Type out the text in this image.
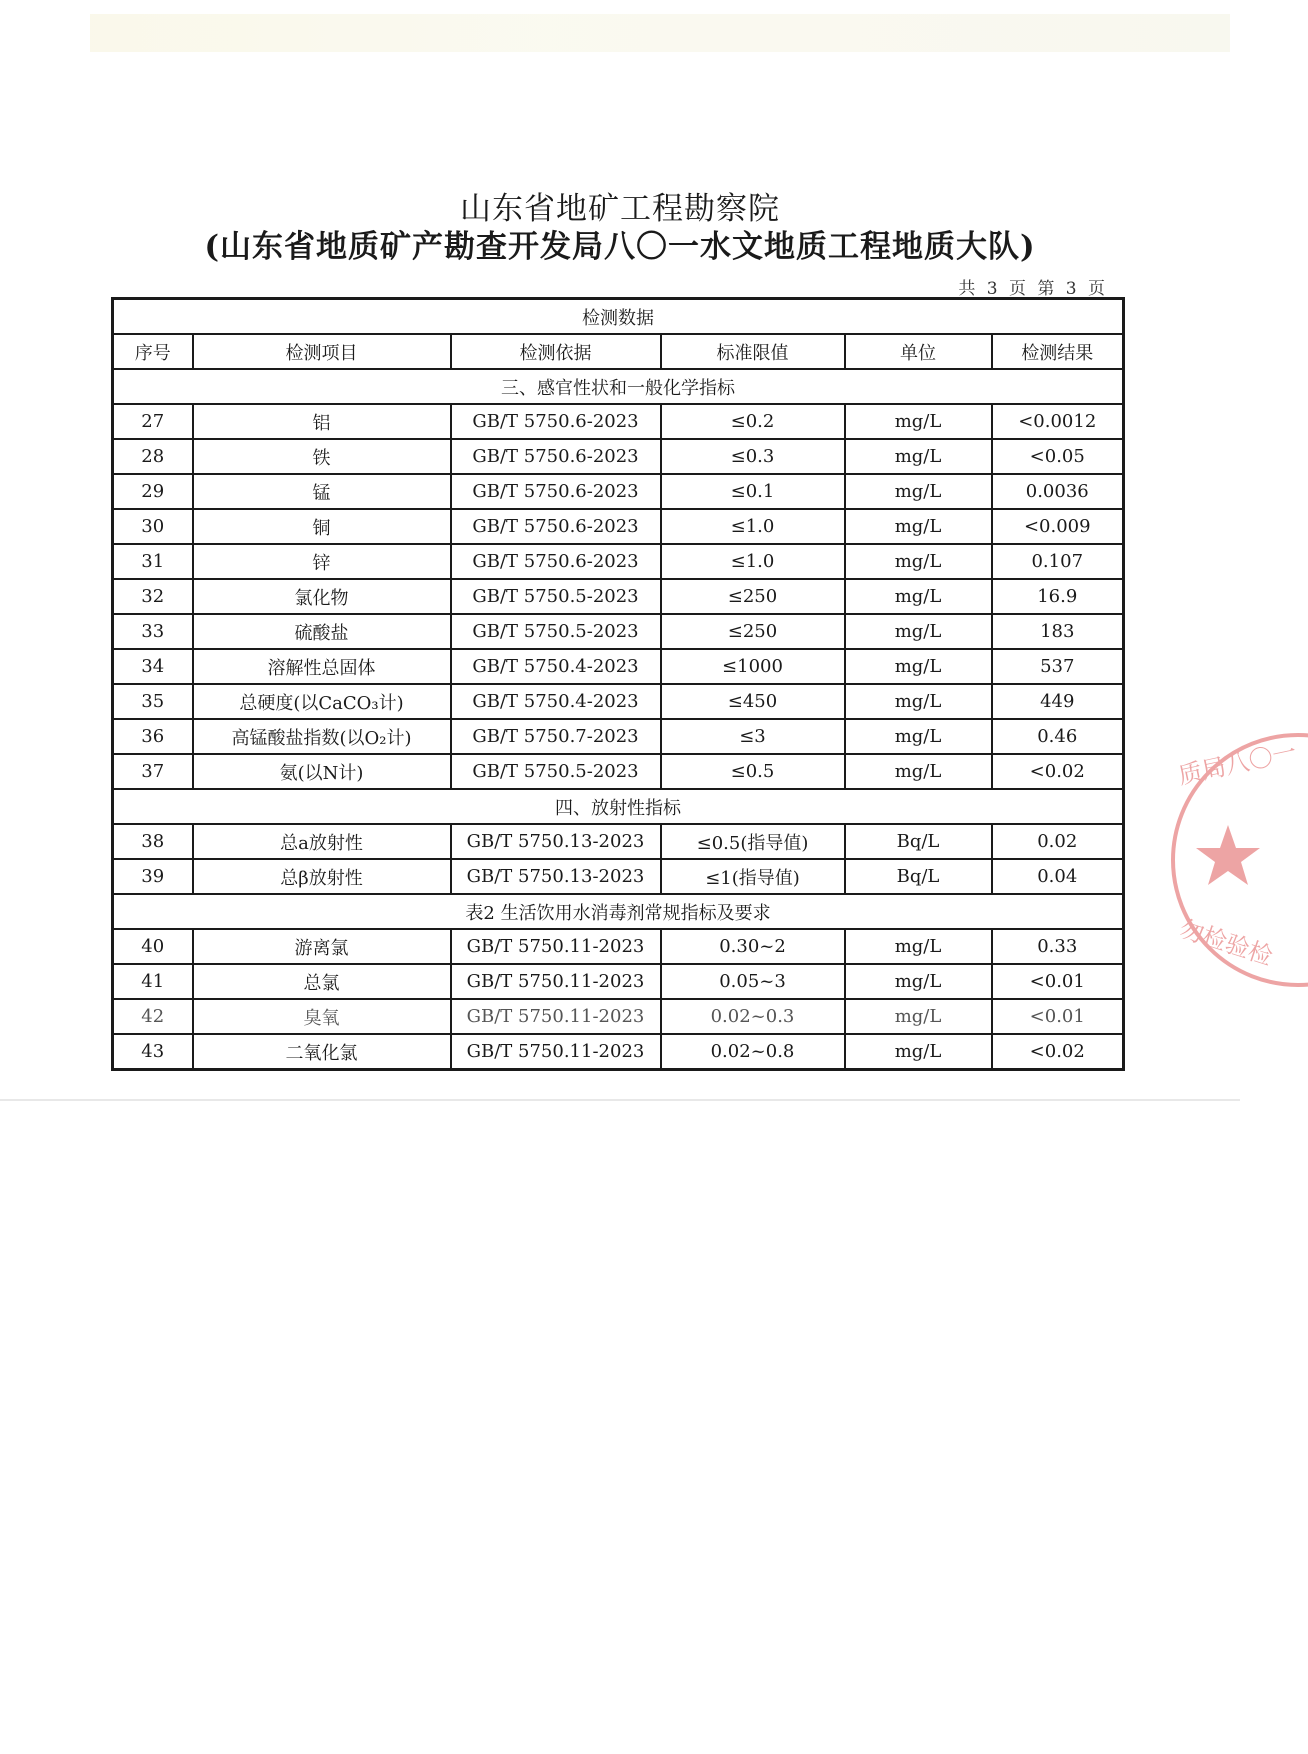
山东省地矿工程勘察院
(山东省地质矿产勘查开发局八〇一水文地质工程地质大队)
共 3 页 第 3 页
检测数据					
序号	检测项目	检测依据	标准限值	单位	检测结果
三、感官性状和一般化学指标					
27	铝	GB/T 5750.6-2023	≤0.2	mg/L	<0.0012
28	铁	GB/T 5750.6-2023	≤0.3	mg/L	<0.05
29	锰	GB/T 5750.6-2023	≤0.1	mg/L	0.0036
30	铜	GB/T 5750.6-2023	≤1.0	mg/L	<0.009
31	锌	GB/T 5750.6-2023	≤1.0	mg/L	0.107
32	氯化物	GB/T 5750.5-2023	≤250	mg/L	16.9
33	硫酸盐	GB/T 5750.5-2023	≤250	mg/L	183
34	溶解性总固体	GB/T 5750.4-2023	≤1000	mg/L	537
35	总硬度(以CaCO₃计)	GB/T 5750.4-2023	≤450	mg/L	449
36	高锰酸盐指数(以O₂计)	GB/T 5750.7-2023	≤3	mg/L	0.46
37	氨(以N计)	GB/T 5750.5-2023	≤0.5	mg/L	<0.02
四、放射性指标					
38	总a放射性	GB/T 5750.13-2023	≤0.5(指导值)	Bq/L	0.02
39	总β放射性	GB/T 5750.13-2023	≤1(指导值)	Bq/L	0.04
表2 生活饮用水消毒剂常规指标及要求					
40	游离氯	GB/T 5750.11-2023	0.30~2	mg/L	0.33
41	总氯	GB/T 5750.11-2023	0.05~3	mg/L	<0.01
42	臭氧	GB/T 5750.11-2023	0.02~0.3	mg/L	<0.01
43	二氧化氯	GB/T 5750.11-2023	0.02~0.8	mg/L	<0.02
质局八〇一
勿检验检
